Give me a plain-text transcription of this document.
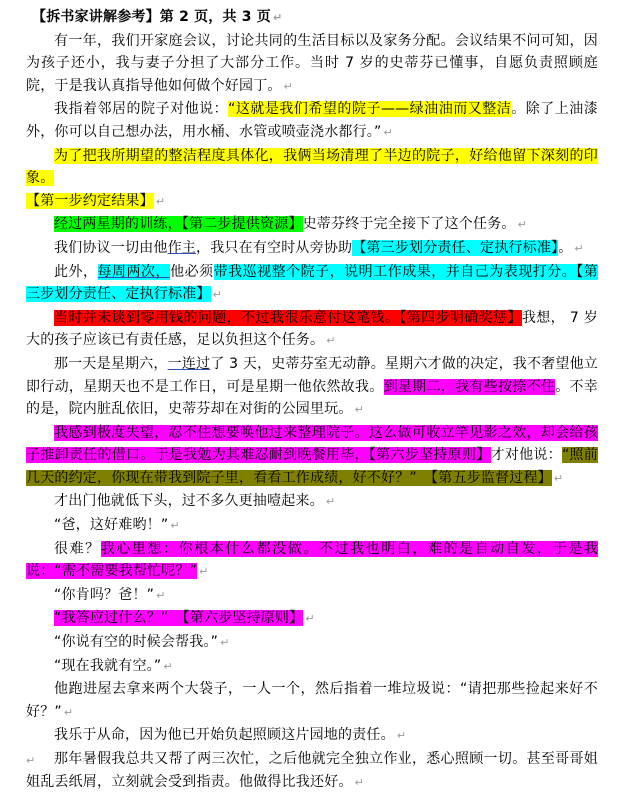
【拆书家讲解参考】第 2 页，共 3 页 ↵

有一年，我们开家庭会议，讨论共同的生活目标以及家务分配。会议结果不问可知，因为孩子还小，我与妻子分担了大部分工作。当时 7 岁的史蒂芬已懂事，自愿负责照顾庭院，于是我认真指导他如何做个好园丁。 ↵

我指着邻居的院子对他说：“这就是我们希望的院子——绿油油而又整洁。除了上油漆外，你可以自己想办法，用水桶、水管或喷壶浇水都行。” ↵

为了把我所期望的整洁程度具体化，我俩当场清理了半边的院子，好给他留下深刻的印象。
【第一步约定结果】 ↵

经过两星期的训练，【第二步提供资源】史蒂芬终于完全接下了这个任务。 ↵

我们协议一切由他作主，我只在有空时从旁协助【第三步划分责任、定执行标准】。 ↵

此外，每周两次，他必须带我巡视整个院子，说明工作成果，并自己为表现打分。【第三步划分责任、定执行标准】 ↵

当时并未谈到零用钱的问题，不过我很乐意付这笔钱。【第四步明确奖惩】我想， 7 岁大的孩子应该已有责任感，足以负担这个任务。 ↵

那一天是星期六，一连过了 3 天，史蒂芬室无动静。星期六才做的决定，我不奢望他立即行动，星期天也不是工作日，可是星期一他依然故我。到星期二，我有些按捺不住。不幸的是，院内脏乱依旧，史蒂芬却在对街的公园里玩。 ↵

我感到极度失望，忍不住想要唤他过来整理院子。这么做可收立竿见影之效，却会给孩子推卸责任的借口。于是我勉为其难忍耐到晚餐用毕，【第六步坚持原则】才对他说：“照前几天的约定，你现在带我到院子里，看看工作成绩，好不好？”　【第五步监督过程】 ↵

才出门他就低下头，过不多久更抽噎起来。 ↵

“爸，这好难哟！” ↵

很难？我心里想：你根本什么都没做。不过我也明白，难的是自动自发，于是我说：“需不需要我帮忙呢？” ↵

“你肯吗？爸！” ↵

“我答应过什么？”　【第六步坚持原则】 ↵

“你说有空的时候会帮我。” ↵

“现在我就有空。” ↵

他跑进屋去拿来两个大袋子，一人一个，然后指着一堆垃圾说：“请把那些捡起来好不好？” ↵

我乐于从命，因为他已开始负起照顾这片园地的责任。 ↵

那年暑假我总共又帮了两三次忙，之后他就完全独立作业，悉心照顾一切。甚至哥哥姐姐乱丢纸屑，立刻就会受到指责。他做得比我还好。 ↵

↵
